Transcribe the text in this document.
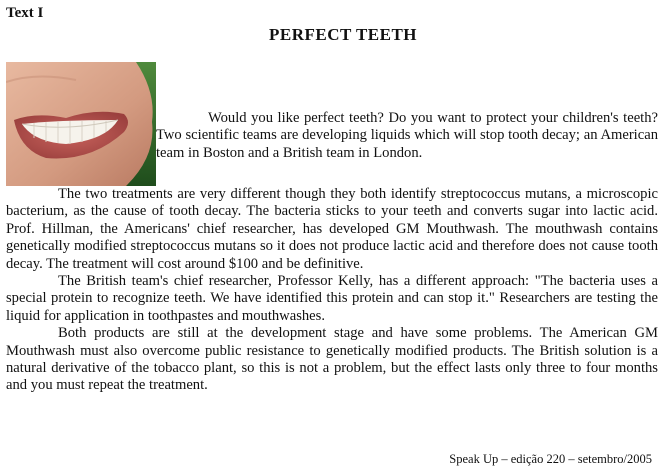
Text I
PERFECT TEETH

Would you like perfect teeth? Do you want to protect your children's teeth? Two scientific teams are developing liquids which will stop tooth decay; an American team in Boston and a British team in London.

The two treatments are very different though they both identify streptococcus mutans, a microscopic bacterium, as the cause of tooth decay. The bacteria sticks to your teeth and converts sugar into lactic acid. Prof. Hillman, the Americans' chief researcher, has developed GM Mouthwash. The mouthwash contains genetically modified streptococcus mutans so it does not produce lactic acid and therefore does not cause tooth decay. The treatment will cost around $100 and be definitive.

The British team's chief researcher, Professor Kelly, has a different approach: "The bacteria uses a special protein to recognize teeth. We have identified this protein and can stop it." Researchers are testing the liquid for application in toothpastes and mouthwashes.

Both products are still at the development stage and have some problems. The American GM Mouthwash must also overcome public resistance to genetically modified products. The British solution is a natural derivative of the tobacco plant, so this is not a problem, but the effect lasts only three to four months and you must repeat the treatment.

Speak Up – edição 220 – setembro/2005
